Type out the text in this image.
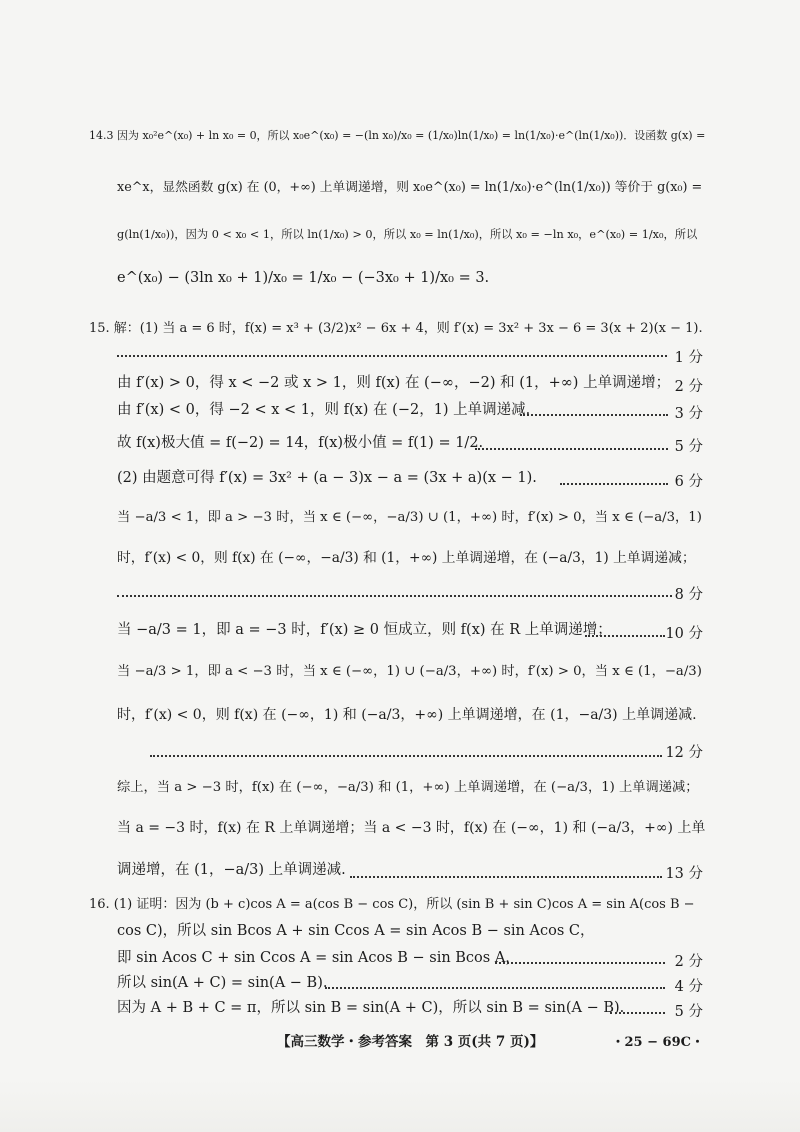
14.3 因为 x₀²e^(x₀) + ln x₀ = 0，所以 x₀e^(x₀) = −(ln x₀)/x₀ = (1/x₀)ln(1/x₀) = ln(1/x₀)·e^(ln(1/x₀))．设函数 g(x) =
xe^x，显然函数 g(x) 在 (0，+∞) 上单调递增，则 x₀e^(x₀) = ln(1/x₀)·e^(ln(1/x₀)) 等价于 g(x₀) =
g(ln(1/x₀))，因为 0 < x₀ < 1，所以 ln(1/x₀) > 0，所以 x₀ = ln(1/x₀)，所以 x₀ = −ln x₀，e^(x₀) = 1/x₀，所以
e^(x₀) − (3ln x₀ + 1)/x₀ = 1/x₀ − (−3x₀ + 1)/x₀ = 3.
15. 解：(1) 当 a = 6 时，f(x) = x³ + (3/2)x² − 6x + 4，则 f′(x) = 3x² + 3x − 6 = 3(x + 2)(x − 1).
1 分
由 f′(x) > 0，得 x < −2 或 x > 1，则 f(x) 在 (−∞，−2) 和 (1，+∞) 上单调递增； 2 分
由 f′(x) < 0，得 −2 < x < 1，则 f(x) 在 (−2，1) 上单调递减.	3 分
故 f(x)极大值 = f(−2) = 14，f(x)极小值 = f(1) = 1/2.	5 分
(2) 由题意可得 f′(x) = 3x² + (a − 3)x − a = (3x + a)(x − 1).	6 分
当 −a/3 < 1，即 a > −3 时，当 x ∈ (−∞，−a/3) ∪ (1，+∞) 时，f′(x) > 0，当 x ∈ (−a/3，1)
时，f′(x) < 0，则 f(x) 在 (−∞，−a/3) 和 (1，+∞) 上单调递增，在 (−a/3，1) 上单调递减；
8 分
当 −a/3 = 1，即 a = −3 时，f′(x) ≥ 0 恒成立，则 f(x) 在 R 上单调递增；	10 分
当 −a/3 > 1，即 a < −3 时，当 x ∈ (−∞，1) ∪ (−a/3，+∞) 时，f′(x) > 0，当 x ∈ (1，−a/3)
时，f′(x) < 0，则 f(x) 在 (−∞，1) 和 (−a/3，+∞) 上单调递增，在 (1，−a/3) 上单调递减.
12 分
综上，当 a > −3 时，f(x) 在 (−∞，−a/3) 和 (1，+∞) 上单调递增，在 (−a/3，1) 上单调递减；
当 a = −3 时，f(x) 在 R 上单调递增；当 a < −3 时，f(x) 在 (−∞，1) 和 (−a/3，+∞) 上单
调递增，在 (1，−a/3) 上单调递减.	13 分
16. (1) 证明：因为 (b + c)cos A = a(cos B − cos C)，所以 (sin B + sin C)cos A = sin A(cos B −
cos C)，所以 sin Bcos A + sin Ccos A = sin Acos B − sin Acos C，
即 sin Acos C + sin Ccos A = sin Acos B − sin Bcos A，	2 分
所以 sin(A + C) = sin(A − B).	4 分
因为 A + B + C = π，所以 sin B = sin(A + C)，所以 sin B = sin(A − B).	5 分
【高三数学・参考答案　第 3 页(共 7 页)】	・25 − 69C・
